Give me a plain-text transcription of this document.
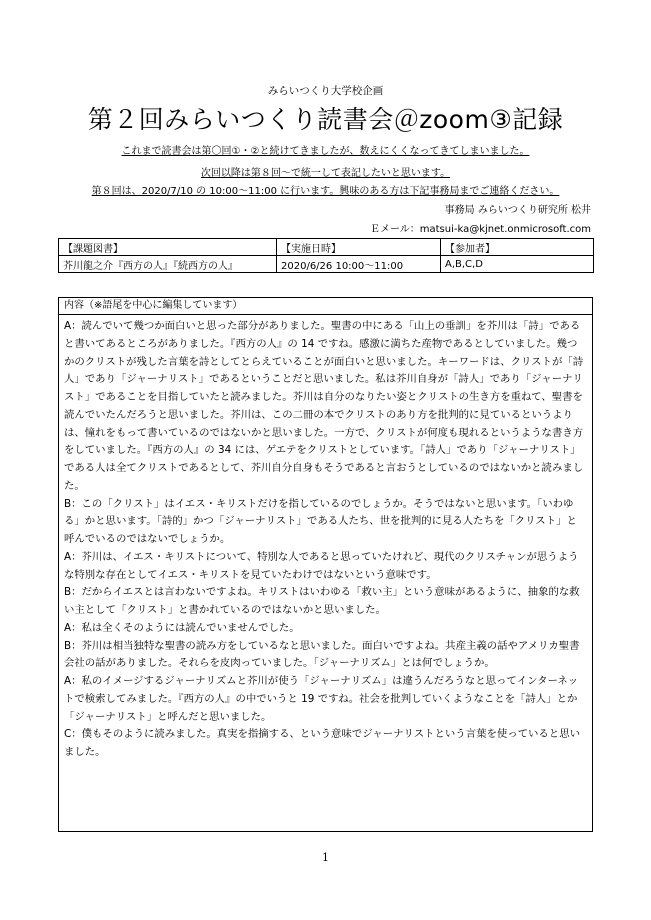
みらいつくり大学校企画
第２回みらいつくり読書会＠zoom③記録
これまで読書会は第〇回①・②と続けてきましたが、数えにくくなってきてしまいました。
次回以降は第８回〜で統一して表記したいと思います。
第８回は、2020/7/10 の 10:00〜11:00 に行います。興味のある方は下記事務局までご連絡ください。
事務局 みらいつくり研究所 松井
Ｅメール：matsui-ka@kjnet.onmicrosoft.com
【課題図書】	【実施日時】	【参加者】
芥川龍之介『西方の人』『続西方の人』	2020/6/26 10:00〜11:00	A,B,C,D
内容（※語尾を中心に編集しています）

A：読んでいて幾つか面白いと思った部分がありました。聖書の中にある「山上の垂訓」を芥川は「詩」であると書いてあるところがありました。『西方の人』の 14 ですね。感激に満ちた産物であるとしていました。幾つかのクリストが残した言葉を詩としてとらえていることが面白いと思いました。キーワードは、クリストが「詩人」であり「ジャーナリスト」であるということだと思いました。私は芥川自身が「詩人」であり「ジャーナリスト」であることを目指していたと読みました。芥川は自分のなりたい姿とクリストの生き方を重ねて、聖書を読んでいたんだろうと思いました。芥川は、この二冊の本でクリストのあり方を批判的に見ているというよりは、憧れをもって書いているのではないかと思いました。一方で、クリストが何度も現れるというような書き方をしていました。『西方の人』の 34 には、ゲエテをクリストとしています。「詩人」であり「ジャーナリスト」である人は全てクリストであるとして、芥川自分自身もそうであると言おうとしているのではないかと読みました。

B：この「クリスト」はイエス・キリストだけを指しているのでしょうか。そうではないと思います。「いわゆる」かと思います。「詩的」かつ「ジャーナリスト」である人たち、世を批判的に見る人たちを「クリスト」と呼んでいるのではないでしょうか。

A：芥川は、イエス・キリストについて、特別な人であると思っていたけれど、現代のクリスチャンが思うような特別な存在としてイエス・キリストを見ていたわけではないという意味です。

B：だからイエスとは言わないですよね。キリストはいわゆる「救い主」という意味があるように、抽象的な救い主として「クリスト」と書かれているのではないかと思いました。

A：私は全くそのようには読んでいませんでした。

B：芥川は相当独特な聖書の読み方をしているなと思いました。面白いですよね。共産主義の話やアメリカ聖書会社の話がありました。それらを皮肉っていました。「ジャーナリズム」とは何でしょうか。

A：私のイメージするジャーナリズムと芥川が使う「ジャーナリズム」は違うんだろうなと思ってインターネットで検索してみました。『西方の人』の中でいうと 19 ですね。社会を批判していくようなことを「詩人」とか「ジャーナリスト」と呼んだと思いました。

C：僕もそのように読みました。真実を指摘する、という意味でジャーナリストという言葉を使っていると思いました。

1
